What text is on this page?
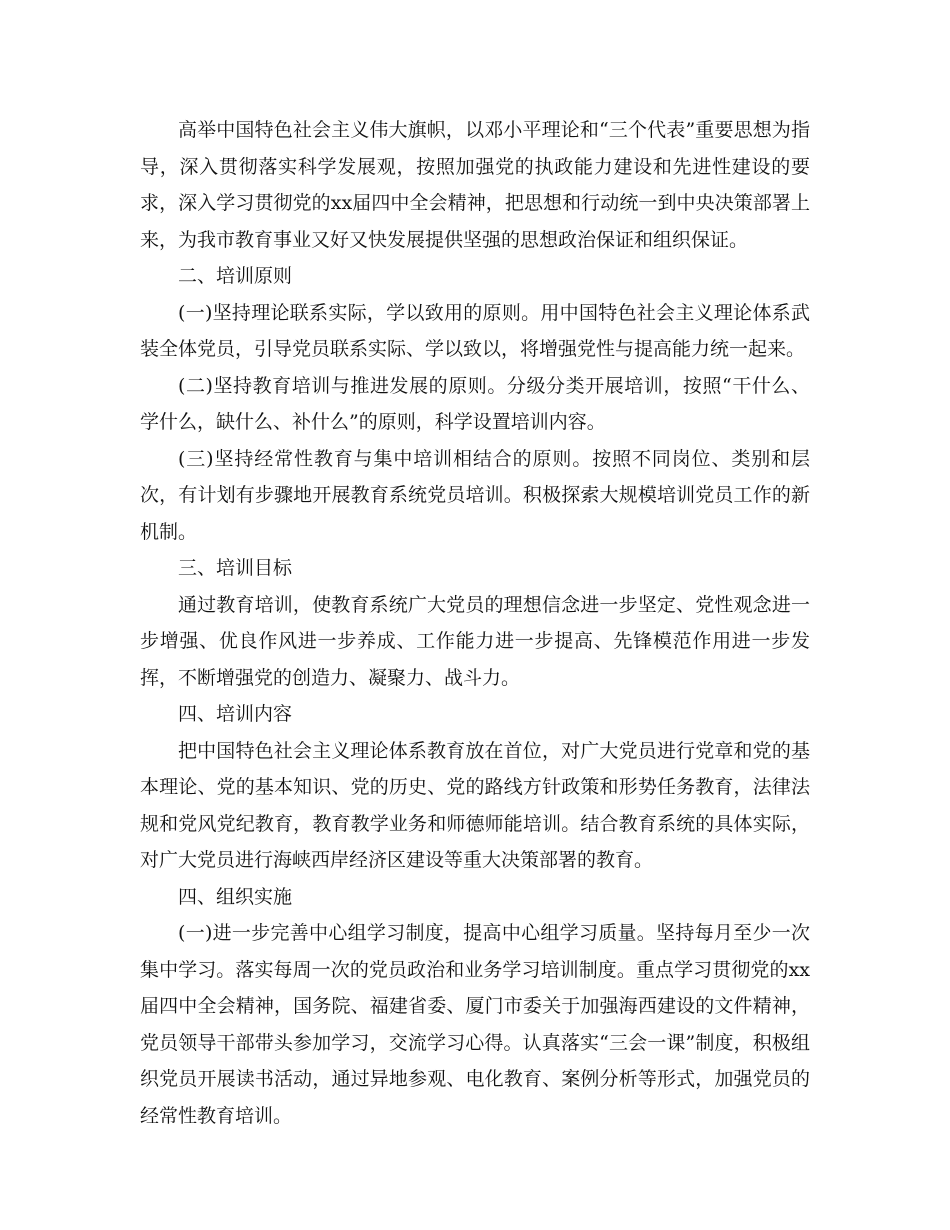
高举中国特色社会主义伟大旗帜，以邓小平理论和“三个代表”重要思想为指导，深入贯彻落实科学发展观，按照加强党的执政能力建设和先进性建设的要求，深入学习贯彻党的xx届四中全会精神，把思想和行动统一到中央决策部署上来，为我市教育事业又好又快发展提供坚强的思想政治保证和组织保证。

二、培训原则

(一)坚持理论联系实际，学以致用的原则。用中国特色社会主义理论体系武装全体党员，引导党员联系实际、学以致以，将增强党性与提高能力统一起来。

(二)坚持教育培训与推进发展的原则。分级分类开展培训，按照“干什么、学什么，缺什么、补什么”的原则，科学设置培训内容。

(三)坚持经常性教育与集中培训相结合的原则。按照不同岗位、类别和层次，有计划有步骤地开展教育系统党员培训。积极探索大规模培训党员工作的新机制。

三、培训目标

通过教育培训，使教育系统广大党员的理想信念进一步坚定、党性观念进一步增强、优良作风进一步养成、工作能力进一步提高、先锋模范作用进一步发挥，不断增强党的创造力、凝聚力、战斗力。

四、培训内容

把中国特色社会主义理论体系教育放在首位，对广大党员进行党章和党的基本理论、党的基本知识、党的历史、党的路线方针政策和形势任务教育，法律法规和党风党纪教育，教育教学业务和师德师能培训。结合教育系统的具体实际，对广大党员进行海峡西岸经济区建设等重大决策部署的教育。

四、组织实施

(一)进一步完善中心组学习制度，提高中心组学习质量。坚持每月至少一次集中学习。落实每周一次的党员政治和业务学习培训制度。重点学习贯彻党的xx届四中全会精神，国务院、福建省委、厦门市委关于加强海西建设的文件精神，党员领导干部带头参加学习，交流学习心得。认真落实“三会一课”制度，积极组织党员开展读书活动，通过异地参观、电化教育、案例分析等形式，加强党员的经常性教育培训。
